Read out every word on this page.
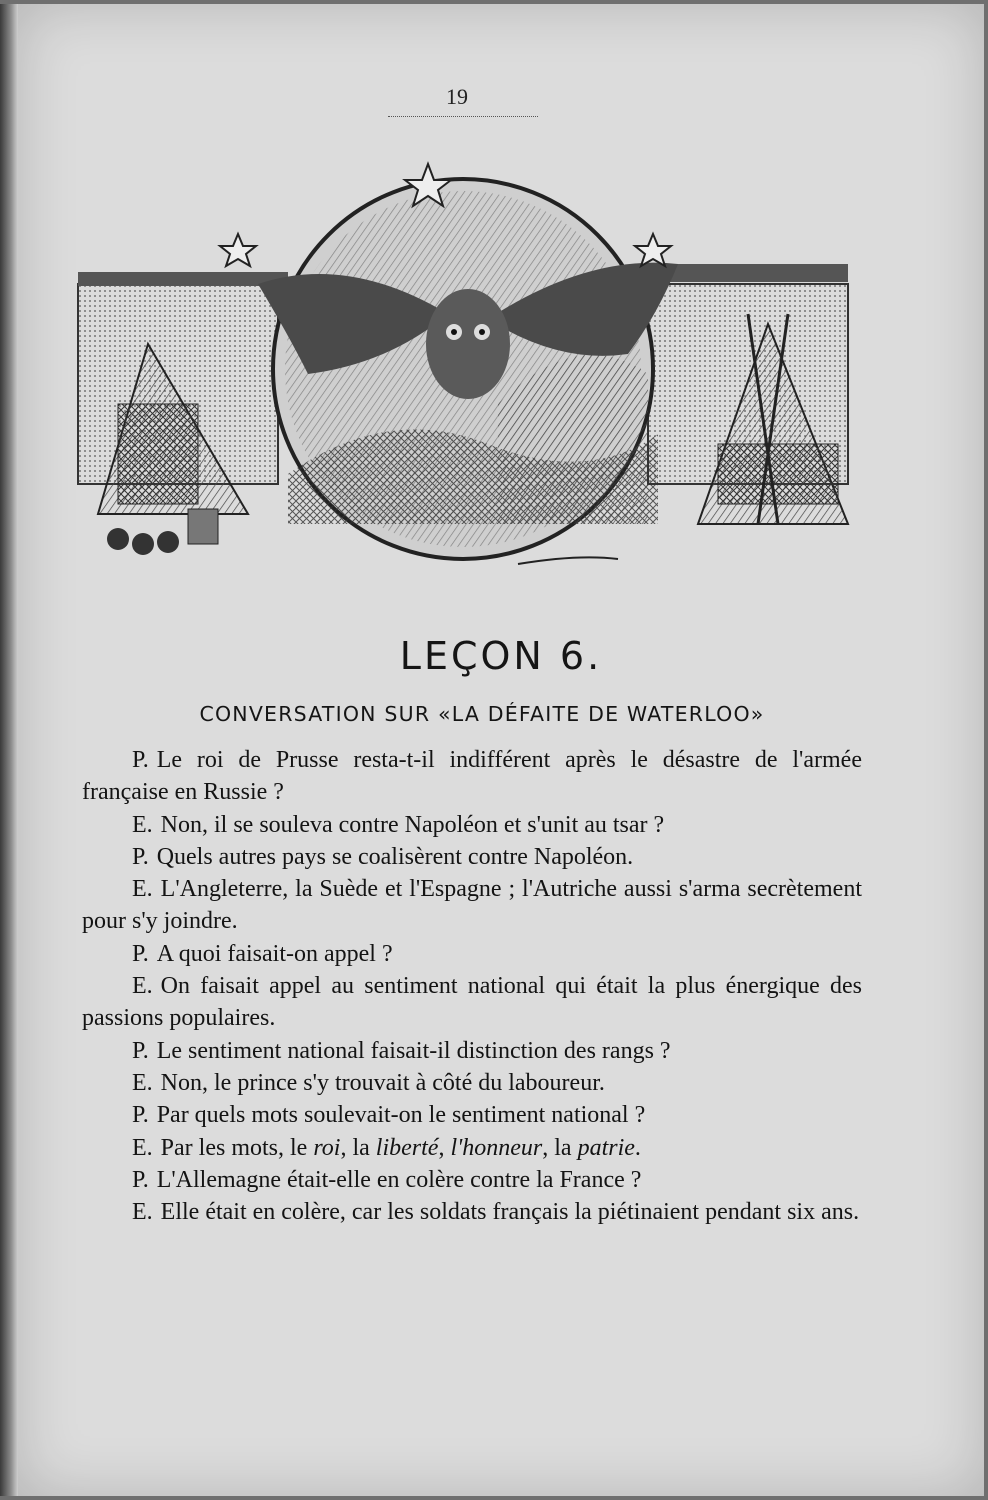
19
LEÇON 6.
CONVERSATION SUR «LA DÉFAITE DE WATERLOO»

P. Le roi de Prusse resta-t-il indifférent après le désastre de l'armée française en Russie ?

E. Non, il se souleva contre Napoléon et s'unit au tsar ?

P. Quels autres pays se coalisèrent contre Napoléon.

E. L'Angleterre, la Suède et l'Espagne ; l'Autriche aussi s'arma secrètement pour s'y joindre.

P. A quoi faisait-on appel ?

E. On faisait appel au sentiment national qui était la plus énergique des passions populaires.

P. Le sentiment national faisait-il distinction des rangs ?

E. Non, le prince s'y trouvait à côté du laboureur.

P. Par quels mots soulevait-on le sentiment national ?

E. Par les mots, le roi, la liberté, l'honneur, la patrie.

P. L'Allemagne était-elle en colère contre la France ?

E. Elle était en colère, car les soldats français la piétinaient pendant six ans.
